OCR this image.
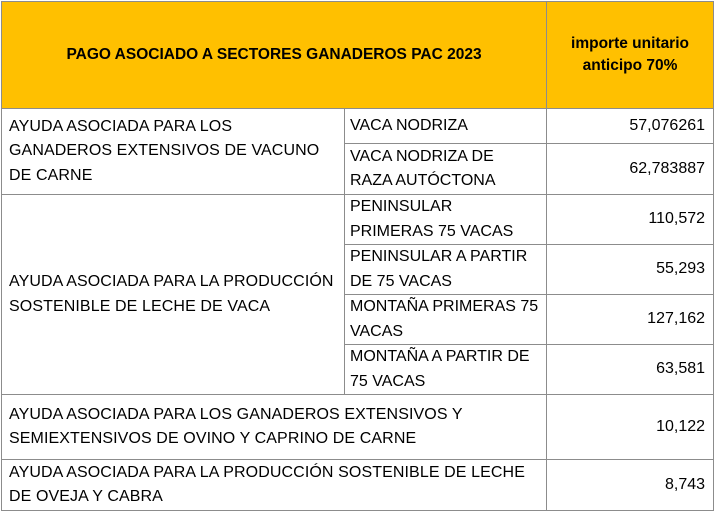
PAGO ASOCIADO A SECTORES GANADEROS PAC 2023		importe unitario anticipo 70%
AYUDA ASOCIADA PARA LOS GANADEROS EXTENSIVOS DE VACUNO DE CARNE	VACA NODRIZA	57,076261
	VACA NODRIZA DE RAZA AUTÓCTONA	62,783887
AYUDA ASOCIADA PARA LA PRODUCCIÓN SOSTENIBLE DE LECHE DE VACA	PENINSULAR PRIMERAS 75 VACAS	110,572
	PENINSULAR A PARTIR DE 75 VACAS	55,293
	MONTAÑA PRIMERAS 75 VACAS	127,162
	MONTAÑA A PARTIR DE 75 VACAS	63,581
AYUDA ASOCIADA PARA LOS GANADEROS EXTENSIVOS Y SEMIEXTENSIVOS DE OVINO Y CAPRINO DE CARNE		10,122
AYUDA ASOCIADA PARA LA PRODUCCIÓN SOSTENIBLE DE LECHE DE OVEJA Y CABRA		8,743
